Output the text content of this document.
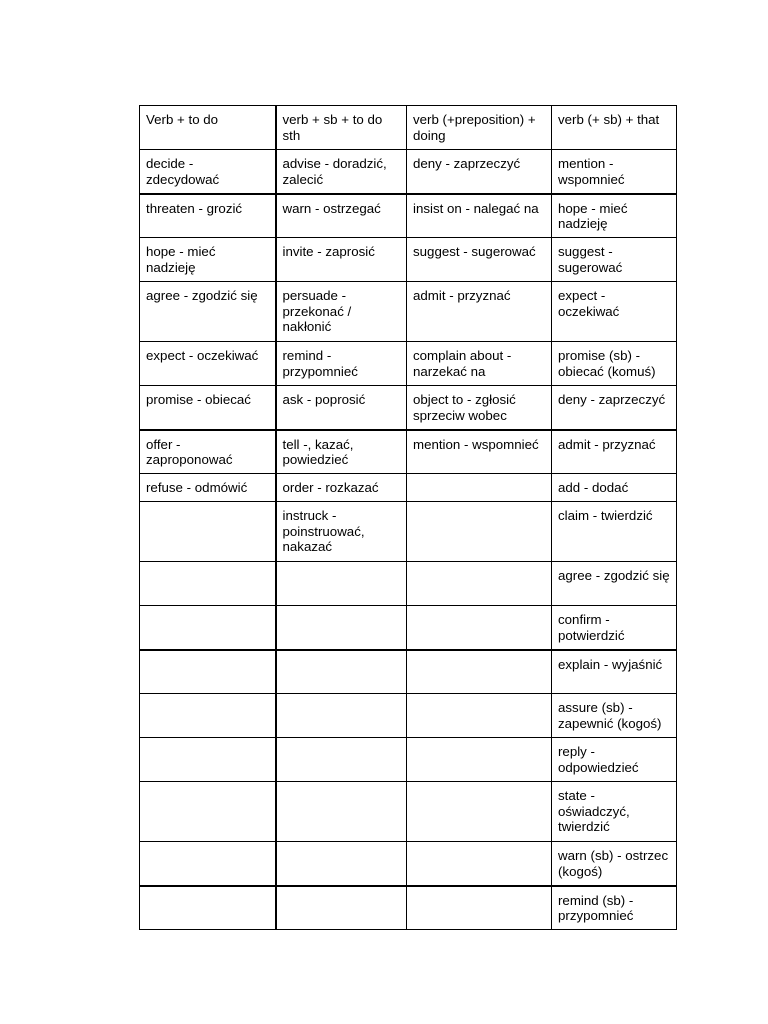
Verb + to do	verb + sb + to do sth	verb (+preposition) + doing	verb (+ sb) + that
decide - zdecydować	advise - doradzić, zalecić	deny - zaprzeczyć	mention - wspomnieć
threaten - grozić	warn - ostrzegać	insist on - nalegać na	hope - mieć nadzieję
hope - mieć nadzieję	invite - zaprosić	suggest - sugerować	suggest - sugerować
agree - zgodzić się	persuade - przekonać / nakłonić	admit - przyznać	expect - oczekiwać
expect - oczekiwać	remind - przypomnieć	complain about - narzekać na	promise (sb) - obiecać (komuś)
promise - obiecać	ask - poprosić	object to - zgłosić sprzeciw wobec	deny - zaprzeczyć
offer - zaproponować	tell -, kazać, powiedzieć	mention - wspomnieć	admit - przyznać
refuse - odmówić	order - rozkazać		add - dodać
	instruck - poinstruować, nakazać		claim - twierdzić
			agree - zgodzić się
			confirm - potwierdzić
			explain - wyjaśnić
			assure (sb) - zapewnić (kogoś)
			reply - odpowiedzieć
			state - oświadczyć, twierdzić
			warn (sb) - ostrzec (kogoś)
			remind (sb) - przypomnieć
